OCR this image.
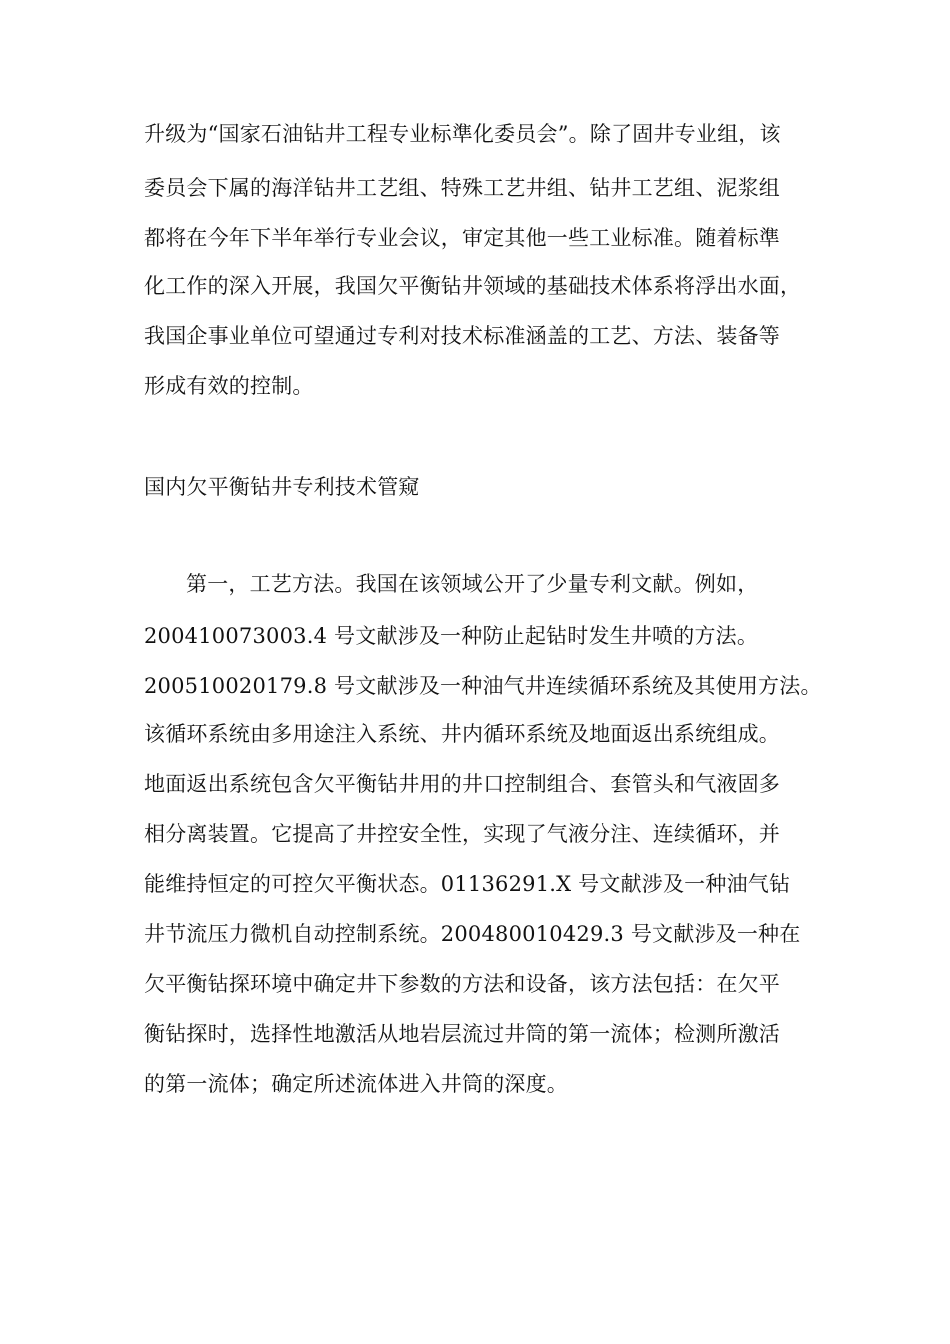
升级为“国家石油钻井工程专业标準化委员会”。除了固井专业组，该
委员会下属的海洋钻井工艺组、特殊工艺井组、钻井工艺组、泥浆组
都将在今年下半年举行专业会议，审定其他一些工业标准。随着标準
化工作的深入开展，我国欠平衡钻井领域的基础技术体系将浮出水面，
我国企事业单位可望通过专利对技术标准涵盖的工艺、方法、装备等
形成有效的控制。
国内欠平衡钻井专利技术管窥
第一，工艺方法。我国在该领域公开了少量专利文献。例如，
200410073003.4 号文献涉及一种防止起钻时发生井喷的方法。
200510020179.8 号文献涉及一种油气井连续循环系统及其使用方法。
该循环系统由多用途注入系统、井内循环系统及地面返出系统组成。
地面返出系统包含欠平衡钻井用的井口控制组合、套管头和气液固多
相分离装置。它提高了井控安全性，实现了气液分注、连续循环，并
能维持恒定的可控欠平衡状态。01136291.X 号文献涉及一种油气钻
井节流压力微机自动控制系统。200480010429.3 号文献涉及一种在
欠平衡钻探环境中确定井下参数的方法和设备，该方法包括：在欠平
衡钻探时，选择性地激活从地岩层流过井筒的第一流体；检测所激活
的第一流体；确定所述流体进入井筒的深度。
